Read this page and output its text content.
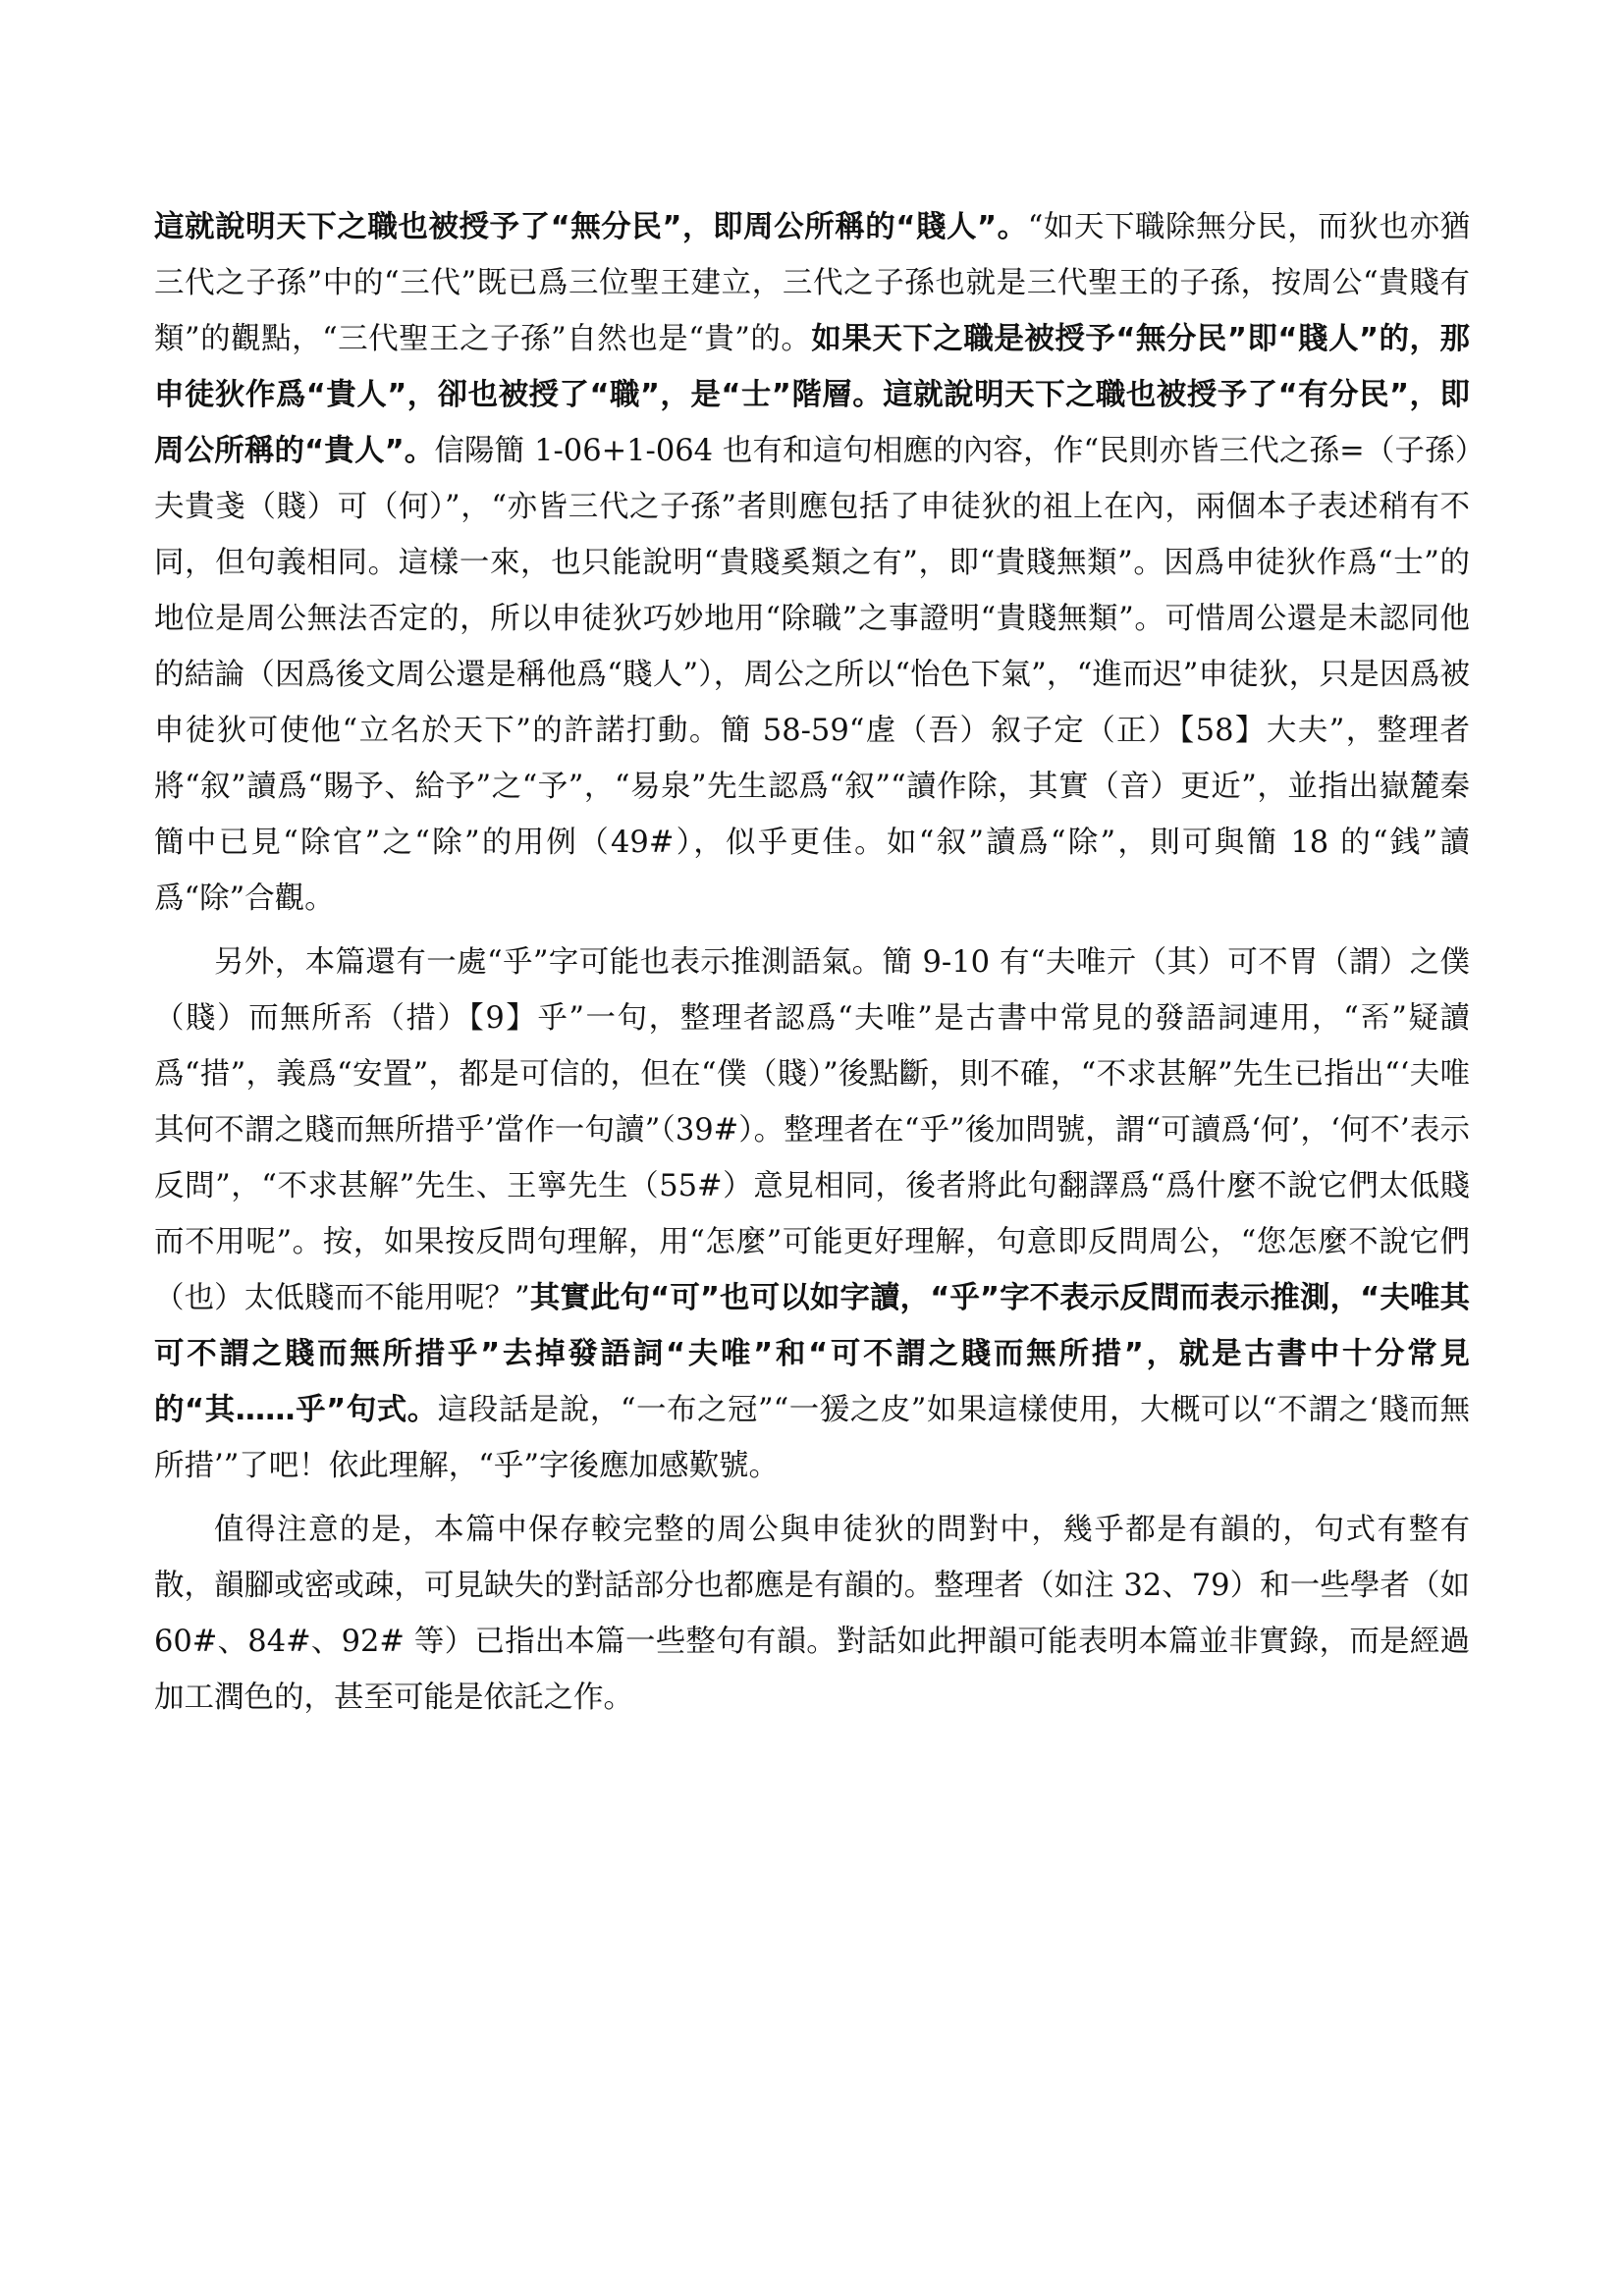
這就說明天下之職也被授予了“無分民”，即周公所稱的“賤人”。“如天下職除無分民，而狄也亦猶三代之子孫”中的“三代”既已爲三位聖王建立，三代之子孫也就是三代聖王的子孫，按周公“貴賤有類”的觀點，“三代聖王之子孫”自然也是“貴”的。如果天下之職是被授予“無分民”即“賤人”的，那申徒狄作爲“貴人”，卻也被授了“職”，是“士”階層。這就說明天下之職也被授予了“有分民”，即周公所稱的“貴人”。信陽簡 1-06+1-064 也有和這句相應的內容，作“民則亦皆三代之孫=（子孫）夫貴戔（賤）可（何）”，“亦皆三代之子孫”者則應包括了申徒狄的祖上在內，兩個本子表述稍有不同，但句義相同。這樣一來，也只能說明“貴賤奚類之有”，即“貴賤無類”。因爲申徒狄作爲“士”的地位是周公無法否定的，所以申徒狄巧妙地用“除職”之事證明“貴賤無類”。可惜周公還是未認同他的結論（因爲後文周公還是稱他爲“賤人”），周公之所以“怡色下氣”，“進而迟”申徒狄，只是因爲被申徒狄可使他“立名於天下”的許諾打動。簡 58-59“虗（吾）叙子定（正）【58】大夫”，整理者將“叙”讀爲“賜予、給予”之“予”，“易泉”先生認爲“叙”“讀作除，其實（音）更近”，並指出嶽麓秦簡中已見“除官”之“除”的用例（49#），似乎更佳。如“叙”讀爲“除”，則可與簡 18 的“銭”讀爲“除”合觀。

另外，本篇還有一處“乎”字可能也表示推測語氣。簡 9-10 有“夫唯亓（其）可不胃（謂）之僕（賤）而無所𢁴（措）【9】乎”一句，整理者認爲“夫唯”是古書中常見的發語詞連用，“𢁴”疑讀爲“措”，義爲“安置”，都是可信的，但在“僕（賤）”後點斷，則不確，“不求甚解”先生已指出“‘夫唯其何不謂之賤而無所措乎’當作一句讀”（39#）。整理者在“乎”後加問號，謂“可讀爲‘何’，‘何不’表示反問”，“不求甚解”先生、王寧先生（55#）意見相同，後者將此句翻譯爲“爲什麼不說它們太低賤而不用呢”。按，如果按反問句理解，用“怎麼”可能更好理解，句意即反問周公，“您怎麼不說它們（也）太低賤而不能用呢？”其實此句“可”也可以如字讀，“乎”字不表示反問而表示推測，“夫唯其可不謂之賤而無所措乎”去掉發語詞“夫唯”和“可不謂之賤而無所措”，就是古書中十分常見的“其……乎”句式。這段話是說，“一布之冠”“一猨之皮”如果這樣使用，大概可以“不謂之‘賤而無所措’”了吧！依此理解，“乎”字後應加感歎號。

值得注意的是，本篇中保存較完整的周公與申徒狄的問對中，幾乎都是有韻的，句式有整有散，韻腳或密或疎，可見缺失的對話部分也都應是有韻的。整理者（如注 32、79）和一些學者（如 60#、84#、92# 等）已指出本篇一些整句有韻。對話如此押韻可能表明本篇並非實錄，而是經過加工潤色的，甚至可能是依託之作。
